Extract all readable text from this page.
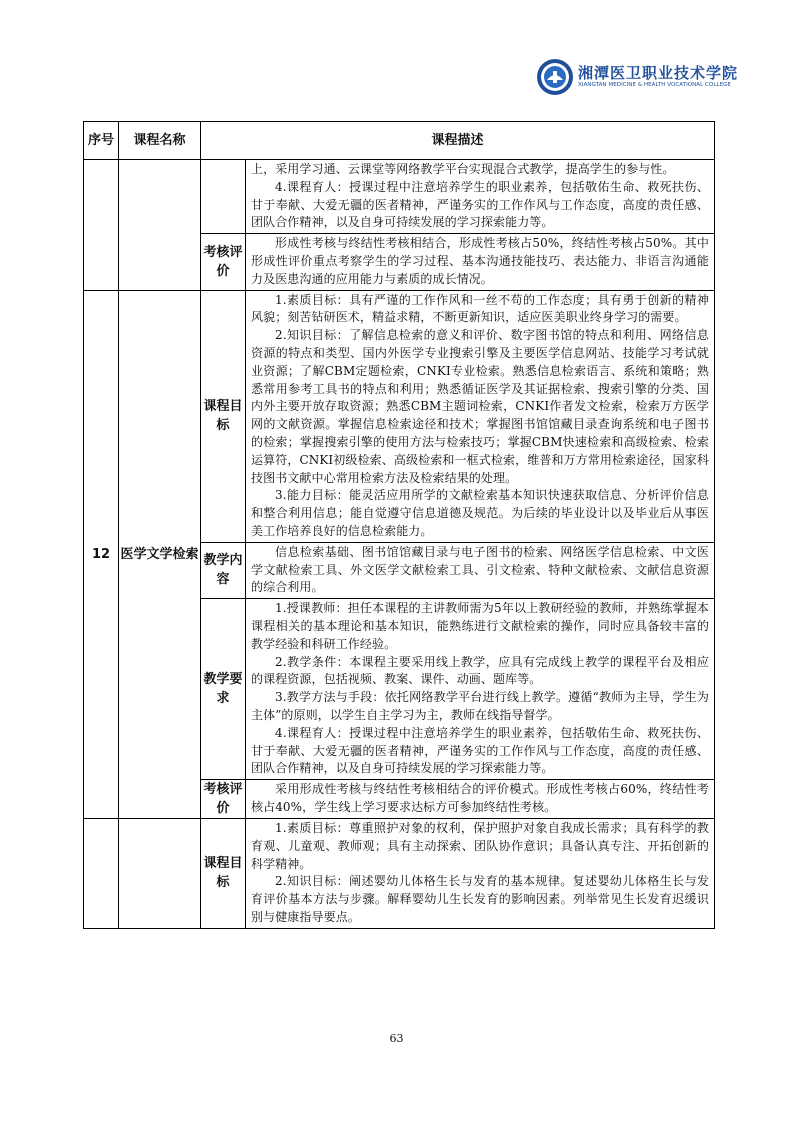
湘潭医卫职业技术学院
XIANGTAN MEDICINE & HEALTH VOCATIONAL COLLEGE
序号	课程名称	课程描述	

			上，采用学习通、云课堂等网络教学平台实现混合式教学，提高学生的参与性。

4.课程育人：授课过程中注意培养学生的职业素养，包括敬佑生命、救死扶伤、甘于奉献、大爱无疆的医者精神，严谨务实的工作作风与工作态度，高度的责任感、团队合作精神，以及自身可持续发展的学习探索能力等。

		考核评价	形成性考核与终结性考核相结合，形成性考核占50%，终结性考核占50%。其中形成性评价重点考察学生的学习过程、基本沟通技能技巧、表达能力、非语言沟通能力及医患沟通的应用能力与素质的成长情况。

12	医学文学检索	课程目标	1.素质目标：具有严谨的工作作风和一丝不苟的工作态度；具有勇于创新的精神风貌；刻苦钻研医术，精益求精，不断更新知识，适应医美职业终身学习的需要。

2.知识目标：了解信息检索的意义和评价、数字图书馆的特点和利用、网络信息资源的特点和类型、国内外医学专业搜索引擎及主要医学信息网站、技能学习考试就业资源；了解CBM定题检索，CNKI专业检索。熟悉信息检索语言、系统和策略；熟悉常用参考工具书的特点和利用；熟悉循证医学及其证据检索、搜索引擎的分类、国内外主要开放存取资源；熟悉CBM主题词检索，CNKI作者发文检索，检索万方医学网的文献资源。掌握信息检索途径和技术；掌握图书馆馆藏目录查询系统和电子图书的检索；掌握搜索引擎的使用方法与检索技巧；掌握CBM快速检索和高级检索、检索运算符，CNKI初级检索、高级检索和一框式检索，维普和万方常用检索途径，国家科技图书文献中心常用检索方法及检索结果的处理。

3.能力目标：能灵活应用所学的文献检索基本知识快速获取信息、分析评价信息和整合利用信息；能自觉遵守信息道德及规范。为后续的毕业设计以及毕业后从事医美工作培养良好的信息检索能力。

		教学内容	信息检索基础、图书馆馆藏目录与电子图书的检索、网络医学信息检索、中文医学文献检索工具、外文医学文献检索工具、引文检索、特种文献检索、文献信息资源的综合利用。

		教学要求	1.授课教师：担任本课程的主讲教师需为5年以上教研经验的教师，并熟练掌握本课程相关的基本理论和基本知识，能熟练进行文献检索的操作，同时应具备较丰富的教学经验和科研工作经验。

2.教学条件：本课程主要采用线上教学，应具有完成线上教学的课程平台及相应的课程资源，包括视频、教案、课件、动画、题库等。

3.教学方法与手段：依托网络教学平台进行线上教学。遵循“教师为主导，学生为主体”的原则，以学生自主学习为主，教师在线指导督学。

4.课程育人：授课过程中注意培养学生的职业素养，包括敬佑生命、救死扶伤、甘于奉献、大爱无疆的医者精神，严谨务实的工作作风与工作态度，高度的责任感、团队合作精神，以及自身可持续发展的学习探索能力等。

		考核评价	采用形成性考核与终结性考核相结合的评价模式。形成性考核占60%，终结性考核占40%，学生线上学习要求达标方可参加终结性考核。

		课程目标	1.素质目标：尊重照护对象的权利，保护照护对象自我成长需求；具有科学的教育观、儿童观、教师观；具有主动探索、团队协作意识；具备认真专注、开拓创新的科学精神。

2.知识目标：阐述婴幼儿体格生长与发育的基本规律。复述婴幼儿体格生长与发育评价基本方法与步骤。解释婴幼儿生长发育的影响因素。列举常见生长发育迟缓识别与健康指导要点。

63
